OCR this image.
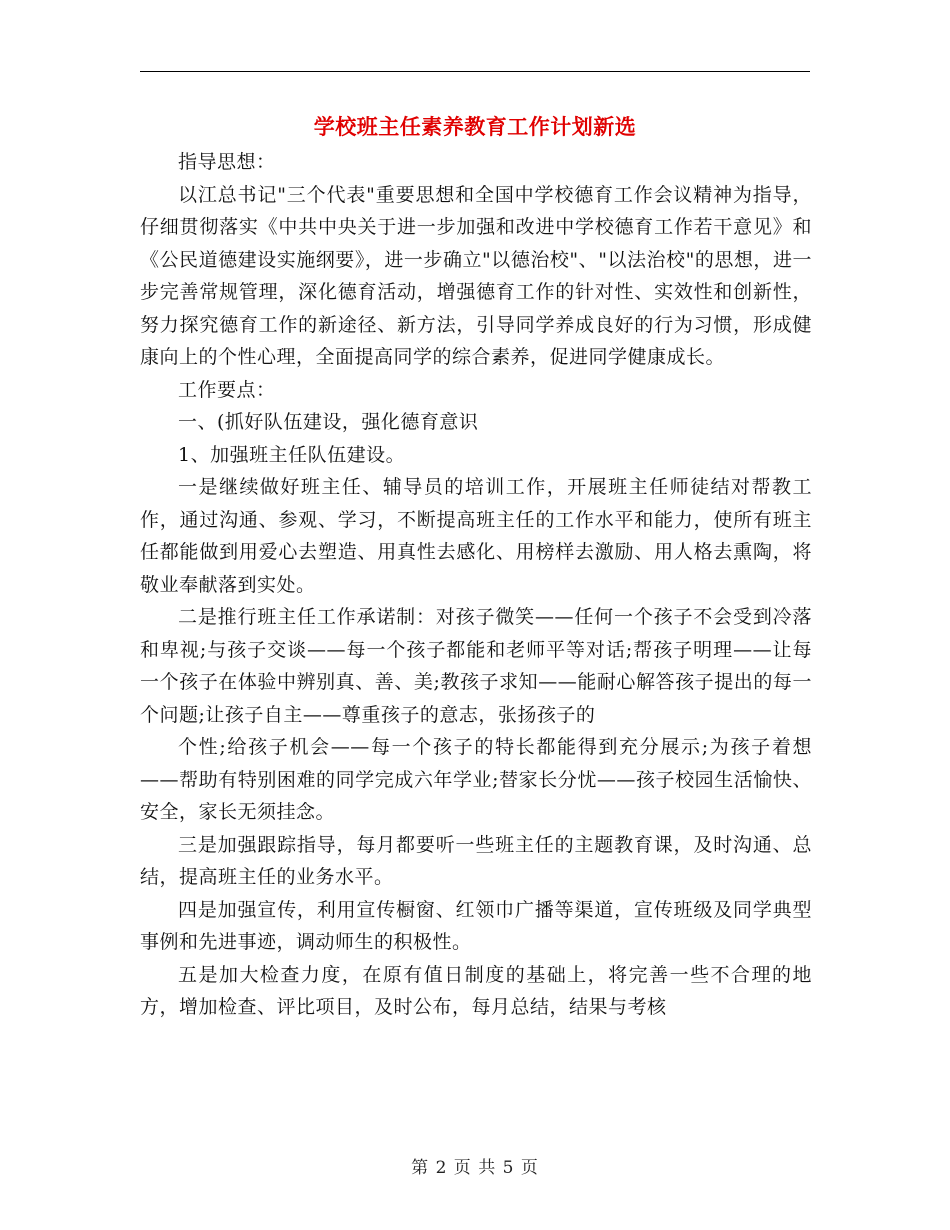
学校班主任素养教育工作计划新选

指导思想：

以江总书记"三个代表"重要思想和全国中学校德育工作会议精神为指导，仔细贯彻落实《中共中央关于进一步加强和改进中学校德育工作若干意见》和《公民道德建设实施纲要》，进一步确立"以德治校"、"以法治校"的思想，进一步完善常规管理，深化德育活动，增强德育工作的针对性、实效性和创新性，努力探究德育工作的新途径、新方法，引导同学养成良好的行为习惯，形成健康向上的个性心理，全面提高同学的综合素养，促进同学健康成长。

工作要点：

一、(抓好队伍建设，强化德育意识

1、加强班主任队伍建设。

一是继续做好班主任、辅导员的培训工作，开展班主任师徒结对帮教工作，通过沟通、参观、学习，不断提高班主任的工作水平和能力，使所有班主任都能做到用爱心去塑造、用真性去感化、用榜样去激励、用人格去熏陶，将敬业奉献落到实处。

二是推行班主任工作承诺制：对孩子微笑——任何一个孩子不会受到冷落和卑视;与孩子交谈——每一个孩子都能和老师平等对话;帮孩子明理——让每一个孩子在体验中辨别真、善、美;教孩子求知——能耐心解答孩子提出的每一个问题;让孩子自主——尊重孩子的意志，张扬孩子的

个性;给孩子机会——每一个孩子的特长都能得到充分展示;为孩子着想——帮助有特别困难的同学完成六年学业;替家长分忧——孩子校园生活愉快、安全，家长无须挂念。

三是加强跟踪指导，每月都要听一些班主任的主题教育课，及时沟通、总结，提高班主任的业务水平。

四是加强宣传，利用宣传橱窗、红领巾广播等渠道，宣传班级及同学典型事例和先进事迹，调动师生的积极性。

五是加大检查力度，在原有值日制度的基础上，将完善一些不合理的地方，增加检查、评比项目，及时公布，每月总结，结果与考核

第 2 页 共 5 页
